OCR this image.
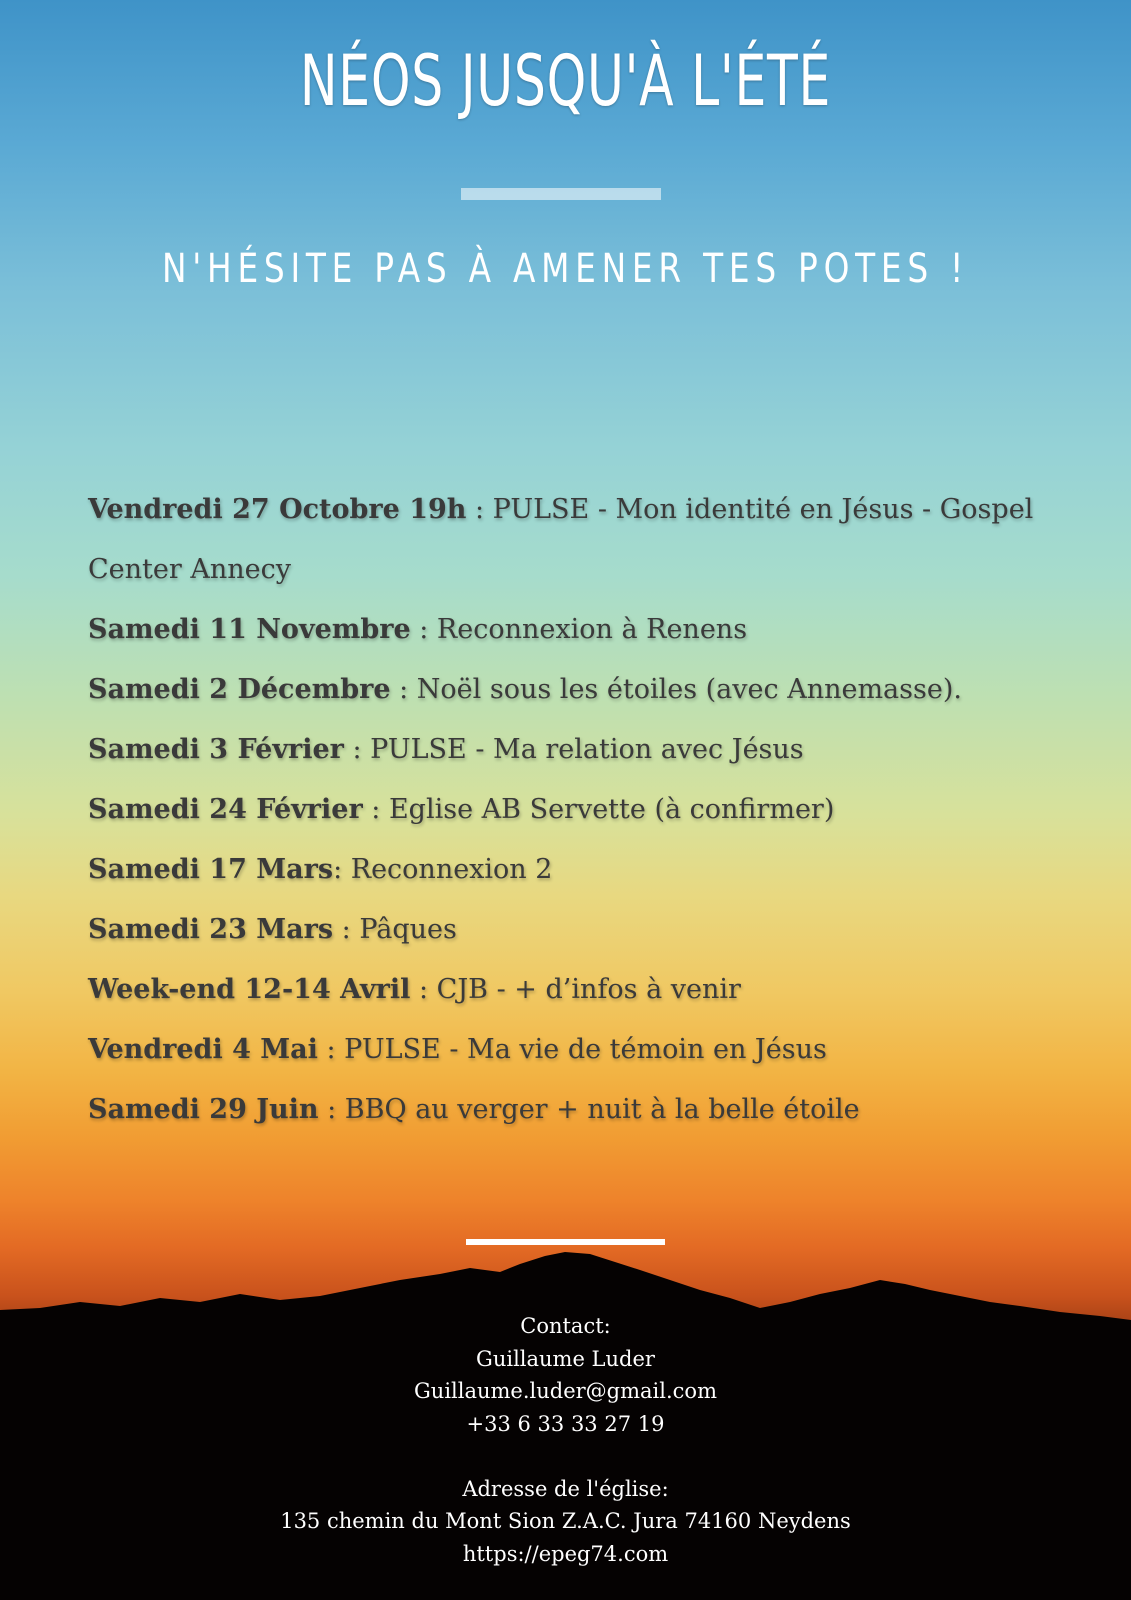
NÉOS JUSQU'À L'ÉTÉ
N'HÉSITE PAS À AMENER TES POTES !
Vendredi 27 Octobre 19h : PULSE - Mon identité en Jésus - Gospel Center Annecy
Samedi 11 Novembre : Reconnexion à Renens
Samedi 2 Décembre : Noël sous les étoiles (avec Annemasse).
Samedi 3 Février : PULSE - Ma relation avec Jésus
Samedi 24 Février : Eglise AB Servette (à confirmer)
Samedi 17 Mars: Reconnexion 2
Samedi 23 Mars : Pâques
Week-end 12-14 Avril : CJB - + d’infos à venir
Vendredi 4 Mai : PULSE - Ma vie de témoin en Jésus
Samedi 29 Juin : BBQ au verger + nuit à la belle étoile
Contact:
Guillaume Luder
Guillaume.luder@gmail.com
+33 6 33 33 27 19
Adresse de l'église:
135 chemin du Mont Sion Z.A.C. Jura 74160 Neydens
https://epeg74.com
